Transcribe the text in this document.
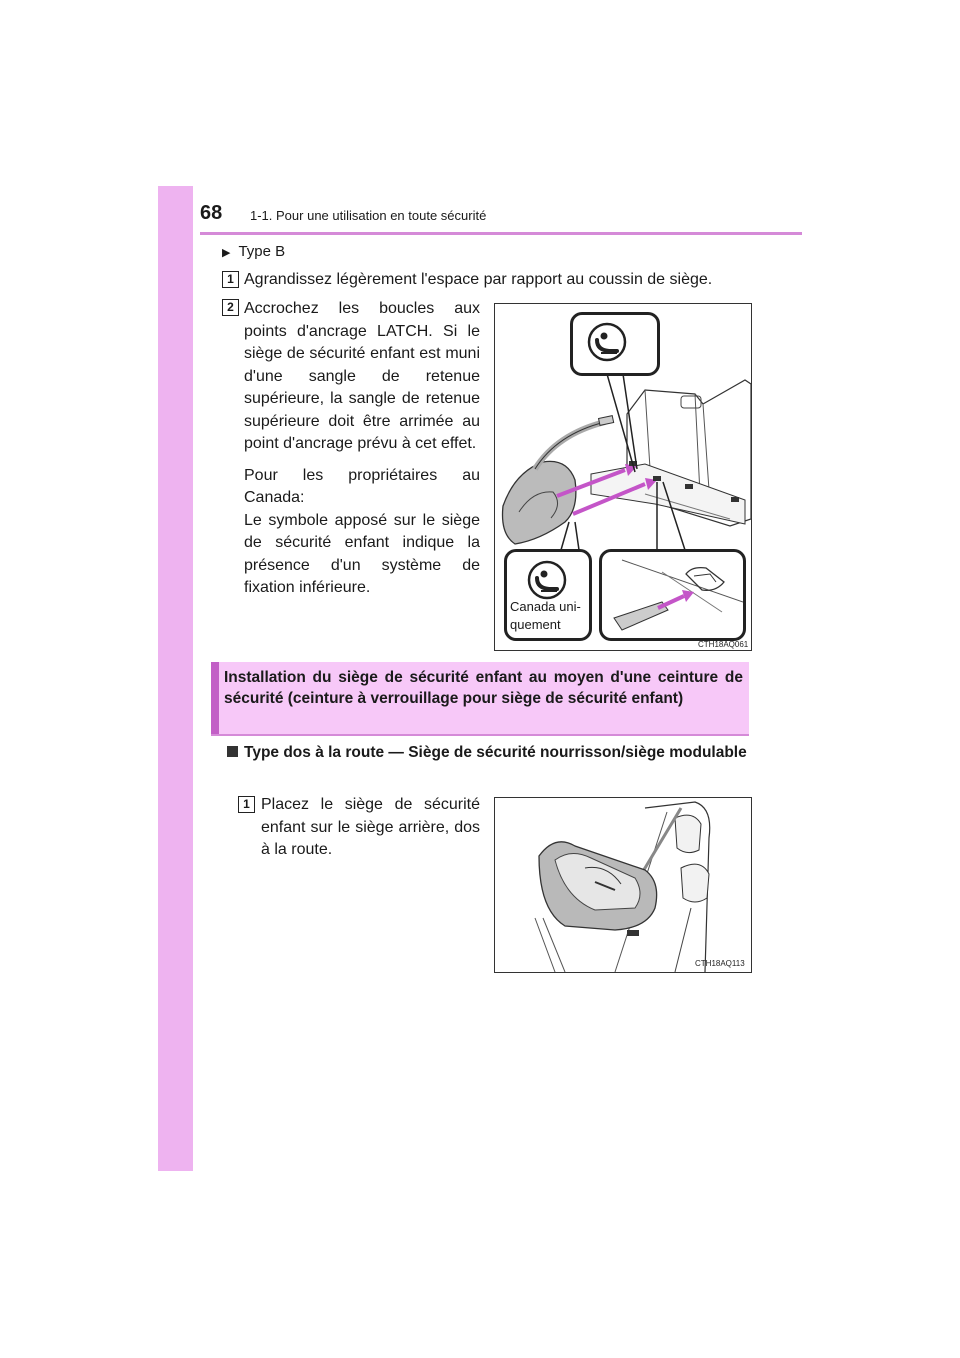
68 1-1. Pour une utilisation en toute sécurité
▶ Type B
1 Agrandissez légèrement l'espace par rapport au coussin de siège.
2 Accrochez les boucles aux points d'ancrage LATCH. Si le siège de sécurité enfant est muni d'une sangle de retenue supérieure, la sangle de retenue supérieure doit être arrimée au point d'ancrage prévu à cet effet.

Pour les propriétaires au Canada:

Le symbole apposé sur le siège de sécurité enfant indique la présence d'un système de fixation inférieure.

Canada uni-
quement
CTH18AQ061
Installation du siège de sécurité enfant au moyen d'une ceinture de sécurité (ceinture à verrouillage pour siège de sécurité enfant)
Type dos à la route — Siège de sécurité nourrisson/siège modulable
1 Placez le siège de sécurité enfant sur le siège arrière, dos à la route.

CTH18AQ113
